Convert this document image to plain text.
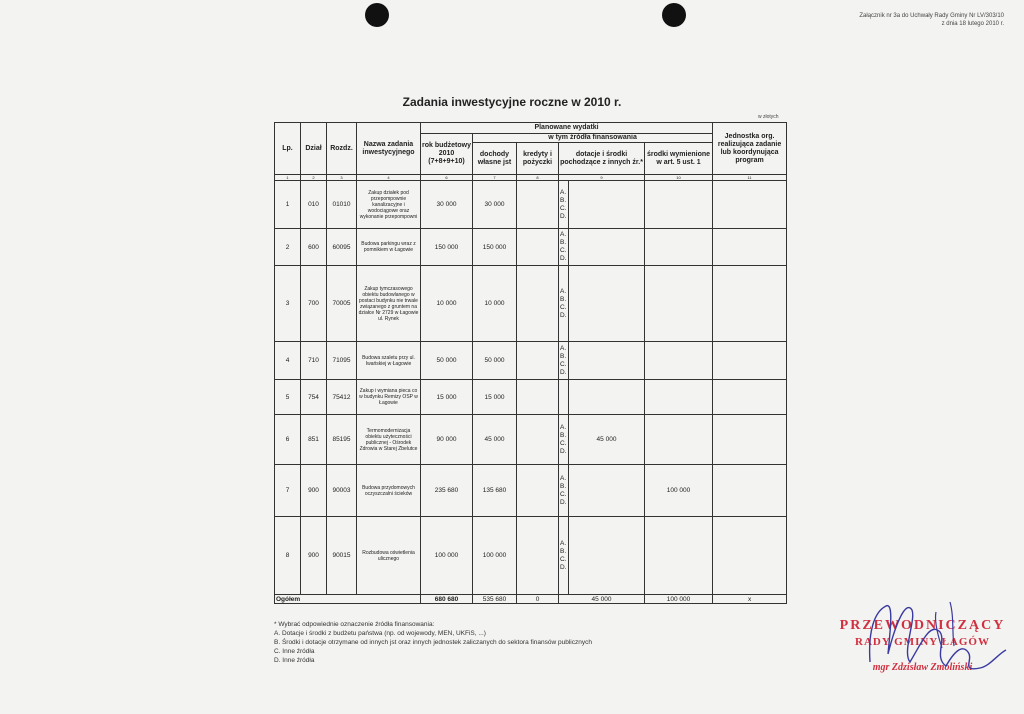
Załącznik nr 3a do Uchwały Rady Gminy Nr LV/303/10
z dnia 18 lutego 2010 r.
Zadania inwestycyjne roczne w 2010 r.
w złotych
Lp.	Dział	Rozdz.	Nazwa zadania inwestycyjnego	Planowane wydatki						Jednostka org. realizująca zadanie lub koordynująca program
				rok budżetowy 2010 (7+8+9+10)	w tym źródła finansowania					
					dochody własne jst	kredyty i pożyczki	dotacje i środki pochodzące z innych źr.*		środki wymienione w art. 5 ust. 1	

1	2	3	4	6	7	8	9		10	11
1	010	01010	Zakup działek pod przepompownie kanalizacyjne i wodociągowe oraz wykonanie przepompowni	30 000	30 000		A.
B.
C.
D.			
2	600	60095	Budowa parkingu wraz z pomnikiem w Łagowie	150 000	150 000		A.
B.
C.
D.			
3	700	70005	Zakup tymczasowego obiektu budowlanego w postaci budynku nie trwale związanego z gruntem na działce Nr 2729 w Łagowie ul. Rynek	10 000	10 000		A.
B.
C.
D.			
4	710	71095	Budowa szaletu przy ul. Iwańskiej w Łagowie	50 000	50 000		A.
B.
C.
D.			
5	754	75412	Zakup i wymiana pieca co w budynku Remizy OSP w Łagowie	15 000	15 000					
6	851	85195	Termomodernizacja obiektu użyteczności publicznej - Ośrodek Zdrowia w Starej Zbelutce	90 000	45 000		A.
B.
C.
D.	45 000		
7	900	90003	Budowa przydomowych oczyszczalni ścieków	235 680	135 680		A.
B.
C.
D.		100 000	
8	900	90015	Rozbudowa oświetlenia ulicznego	100 000	100 000		A.
B.
C.
D.			
Ogółem				680 680	535 680	0	45 000		100 000	x
* Wybrać odpowiednie oznaczenie źródła finansowania:
A. Dotacje i środki z budżetu państwa (np. od wojewody, MEN, UKFiS, ...)
B. Środki i dotacje otrzymane od innych jst oraz innych jednostek zaliczanych do sektora finansów publicznych
C. Inne źródła
D. Inne źródła
PRZEWODNICZĄCY
RADY GMINY ŁAGÓW
mgr Zdzisław Zmoliński
